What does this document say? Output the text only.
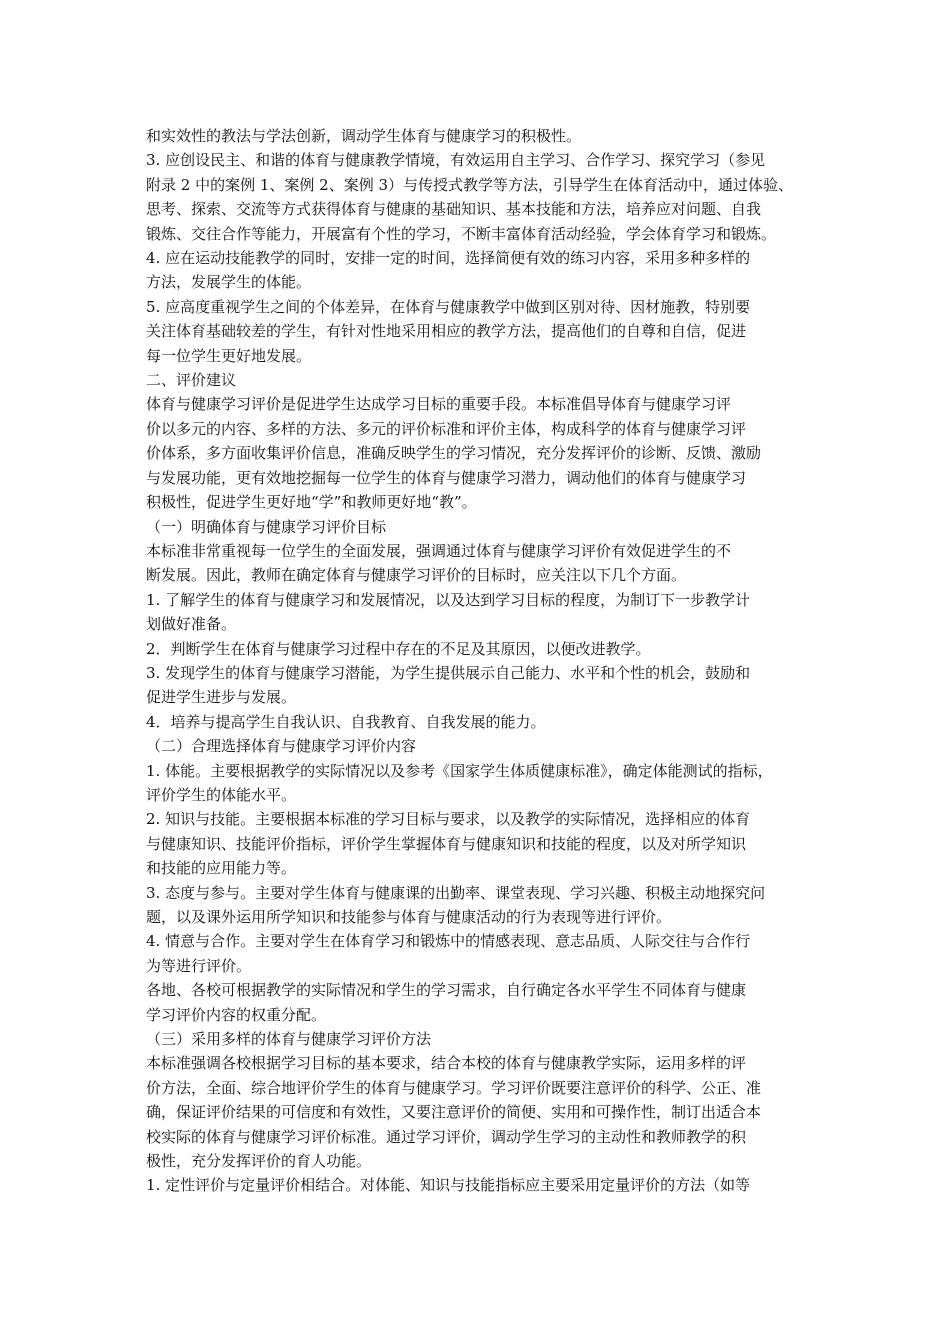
和实效性的教法与学法创新，调动学生体育与健康学习的积极性。
3. 应创设民主、和谐的体育与健康教学情境，有效运用自主学习、合作学习、探究学习（参见
附录 2 中的案例 1、案例 2、案例 3）与传授式教学等方法，引导学生在体育活动中，通过体验、
思考、探索、交流等方式获得体育与健康的基础知识、基本技能和方法，培养应对问题、自我
锻炼、交往合作等能力，开展富有个性的学习，不断丰富体育活动经验，学会体育学习和锻炼。
4. 应在运动技能教学的同时，安排一定的时间，选择简便有效的练习内容，采用多种多样的
方法，发展学生的体能。
5. 应高度重视学生之间的个体差异，在体育与健康教学中做到区别对待、因材施教，特别要
关注体育基础较差的学生，有针对性地采用相应的教学方法，提高他们的自尊和自信，促进
每一位学生更好地发展。
二、评价建议
体育与健康学习评价是促进学生达成学习目标的重要手段。本标准倡导体育与健康学习评
价以多元的内容、多样的方法、多元的评价标准和评价主体，构成科学的体育与健康学习评
价体系，多方面收集评价信息，准确反映学生的学习情况，充分发挥评价的诊断、反馈、激励
与发展功能，更有效地挖掘每一位学生的体育与健康学习潜力，调动他们的体育与健康学习
积极性，促进学生更好地“学”和教师更好地“教”。
（一）明确体育与健康学习评价目标
本标准非常重视每一位学生的全面发展，强调通过体育与健康学习评价有效促进学生的不
断发展。因此，教师在确定体育与健康学习评价的目标时，应关注以下几个方面。
1. 了解学生的体育与健康学习和发展情况，以及达到学习目标的程度，为制订下一步教学计
划做好准备。
2．判断学生在体育与健康学习过程中存在的不足及其原因，以便改进教学。
3. 发现学生的体育与健康学习潜能，为学生提供展示自己能力、水平和个性的机会，鼓励和
促进学生进步与发展。
4．培养与提高学生自我认识、自我教育、自我发展的能力。
（二）合理选择体育与健康学习评价内容
1. 体能。主要根据教学的实际情况以及参考《国家学生体质健康标准》，确定体能测试的指标，
评价学生的体能水平。
2. 知识与技能。主要根据本标准的学习目标与要求，以及教学的实际情况，选择相应的体育
与健康知识、技能评价指标，评价学生掌握体育与健康知识和技能的程度，以及对所学知识
和技能的应用能力等。
3. 态度与参与。主要对学生体育与健康课的出勤率、课堂表现、学习兴趣、积极主动地探究问
题，以及课外运用所学知识和技能参与体育与健康活动的行为表现等进行评价。
4. 情意与合作。主要对学生在体育学习和锻炼中的情感表现、意志品质、人际交往与合作行
为等进行评价。
各地、各校可根据教学的实际情况和学生的学习需求，自行确定各水平学生不同体育与健康
学习评价内容的权重分配。
（三）采用多样的体育与健康学习评价方法
本标准强调各校根据学习目标的基本要求，结合本校的体育与健康教学实际，运用多样的评
价方法，全面、综合地评价学生的体育与健康学习。学习评价既要注意评价的科学、公正、准
确，保证评价结果的可信度和有效性，又要注意评价的简便、实用和可操作性，制订出适合本
校实际的体育与健康学习评价标准。通过学习评价，调动学生学习的主动性和教师教学的积
极性，充分发挥评价的育人功能。
1. 定性评价与定量评价相结合。对体能、知识与技能指标应主要采用定量评价的方法（如等
